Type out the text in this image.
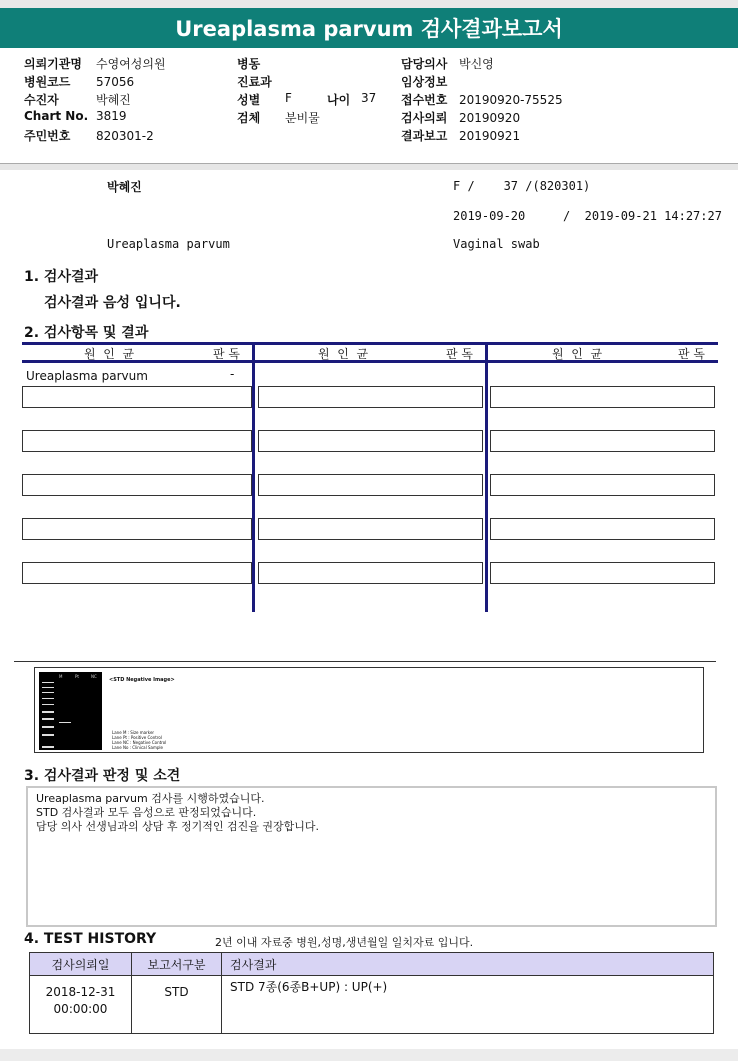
Ureaplasma parvum 검사결과보고서
의뢰기관명 수영여성의원
병원코드 57056
수진자	박혜진
Chart No. 3819
주민번호 820301-2
병동
진료과
성별 F	나이 37
검체 분비물
담당의사 박신영
임상정보
접수번호 20190920-75525
검사의뢰 20190920
결과보고 20190921
박혜진	F /    37 /(820301)
2019-09-20	/  2019-09-21 14:27:27
Ureaplasma parvum	Vaginal swab
1. 검사결과
검사결과 음성 입니다.
2. 검사항목 및 결과
원  인  균	판 독	원  인  균	판 독	원  인  균	판 독
Ureaplasma parvum	-
M	Pt	NC
<STD Negative Image>
Lane M : Size marker
Lane Pt : Positive Control
Lane NC : Negative Control
Lane No : Clinical Sample
3. 검사결과 판정 및 소견
Ureaplasma parvum 검사를 시행하였습니다.
STD 검사결과 모두 음성으로 판정되었습니다.
담당 의사 선생님과의 상담 후 정기적인 검진을 권장합니다.
4. TEST HISTORY	2년 이내 자료중 병원,성명,생년월일 일치자료 입니다.
검사의뢰일	보고서구분	검사결과

2018-12-31
00:00:00	STD	STD 7종(6종B+UP) : UP(+)
